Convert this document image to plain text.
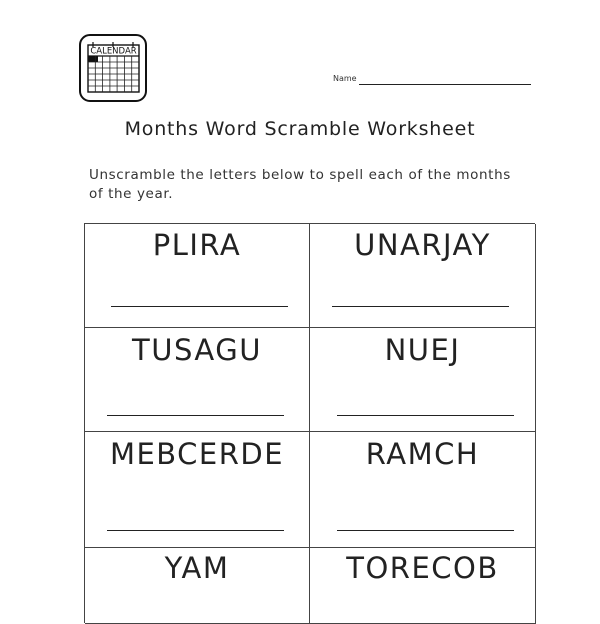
CALENDAR
Name
Months Word Scramble Worksheet
Unscramble the letters below to spell each of the months of the year.
PLIRA	UNARJAY
TUSAGU	NUEJ
MEBCERDE	RAMCH
YAM	TORECOB
